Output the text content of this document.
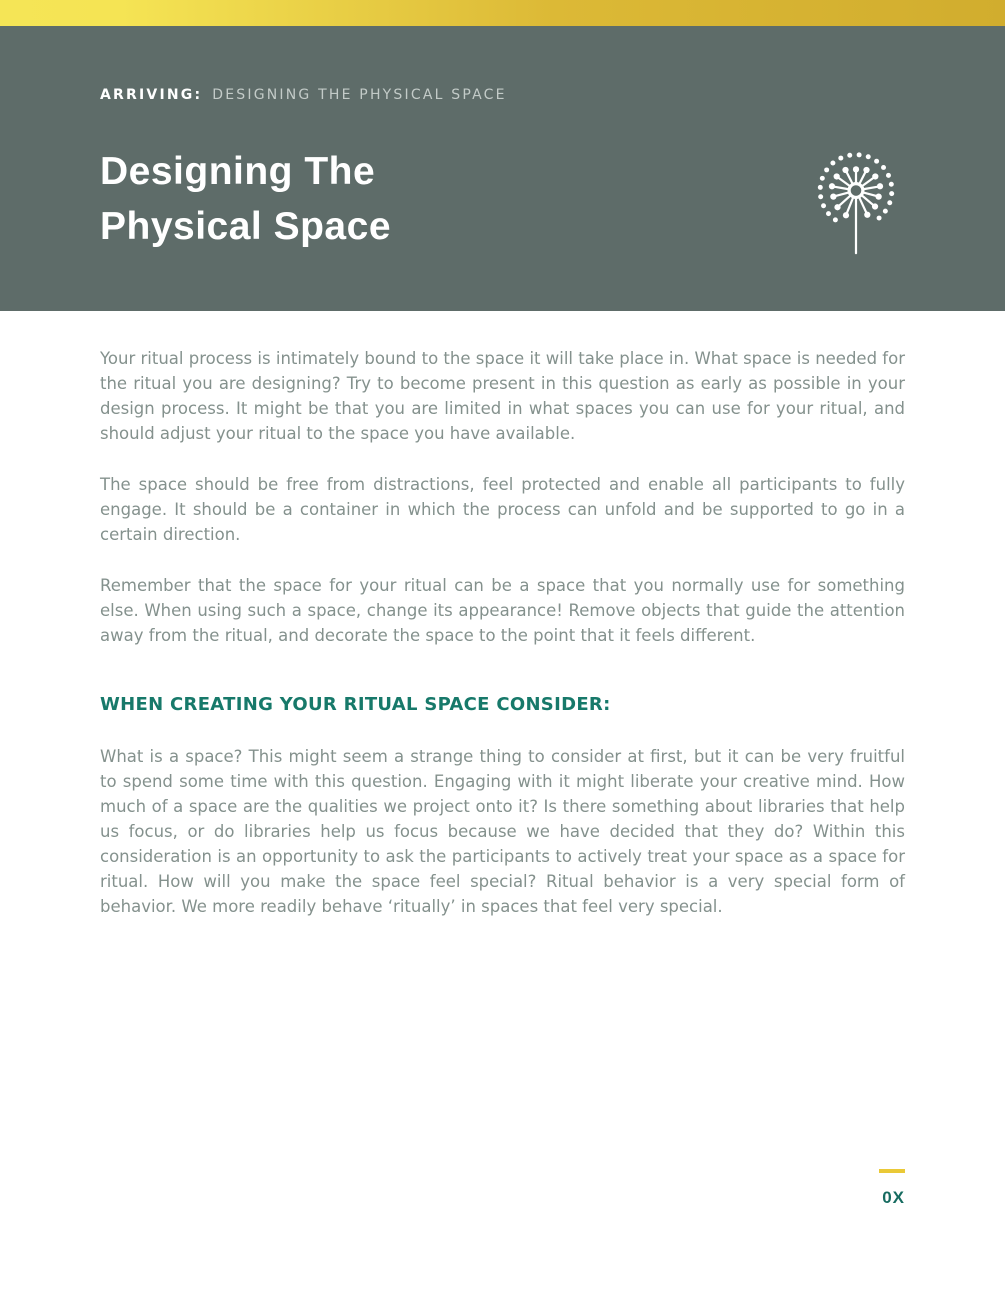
ARRIVING: DESIGNING THE PHYSICAL SPACE
Designing The
Physical Space

Your ritual process is intimately bound to the space it will take place in. What space is needed for the ritual you are designing? Try to become present in this question as early as possible in your design process. It might be that you are limited in what spaces you can use for your ritual, and should adjust your ritual to the space you have available.

The space should be free from distractions, feel protected and enable all participants to fully engage. It should be a container in which the process can unfold and be supported to go in a certain direction.

Remember that the space for your ritual can be a space that you normally use for something else. When using such a space, change its appearance! Remove objects that guide the attention away from the ritual, and decorate the space to the point that it feels different.

WHEN CREATING YOUR RITUAL SPACE CONSIDER:

What is a space? This might seem a strange thing to consider at first, but it can be very fruitful to spend some time with this question. Engaging with it might liberate your creative mind. How much of a space are the qualities we project onto it? Is there something about libraries that help us focus, or do libraries help us focus because we have decided that they do? Within this consideration is an opportunity to ask the participants to actively treat your space as a space for ritual. How will you make the space feel special? Ritual behavior is a very special form of behavior. We more readily behave ‘ritually’ in spaces that feel very special.

0X
